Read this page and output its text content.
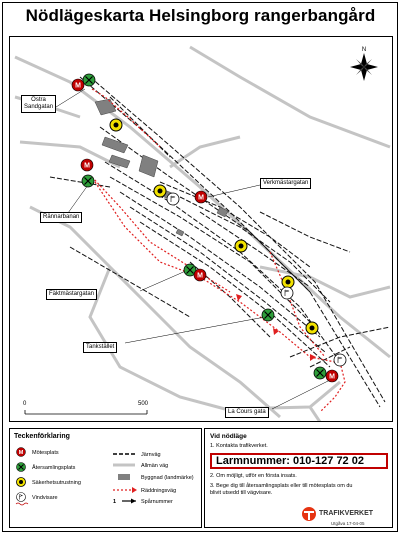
Nödlägeskarta Helsingborg rangerbangård
N
M
M
M
M
M
Östra
Sandgatan
Verkmästargatan
Rännarbanan
Fäktmästargatan
Tankstället
La Cours gata
0	500
Teckenförklaring
M Mötesplats
Återsamlingsplats
Säkerhetsutrustning
Vindvisare
Järnväg
Allmän väg
Byggnad (landmärke)
Räddningsväg
1	Spårnummer
Vid nödläge
1. Kontakta trafikverket.
Larmnummer: 010-127 72 02
2. Om möjligt, utför en första insats.
3. Bege dig till återsamlingsplats eller till mötesplats om du
blivit utsedd till vägvisare.
TRAFIKVERKET
Utgåva 17-04-05
